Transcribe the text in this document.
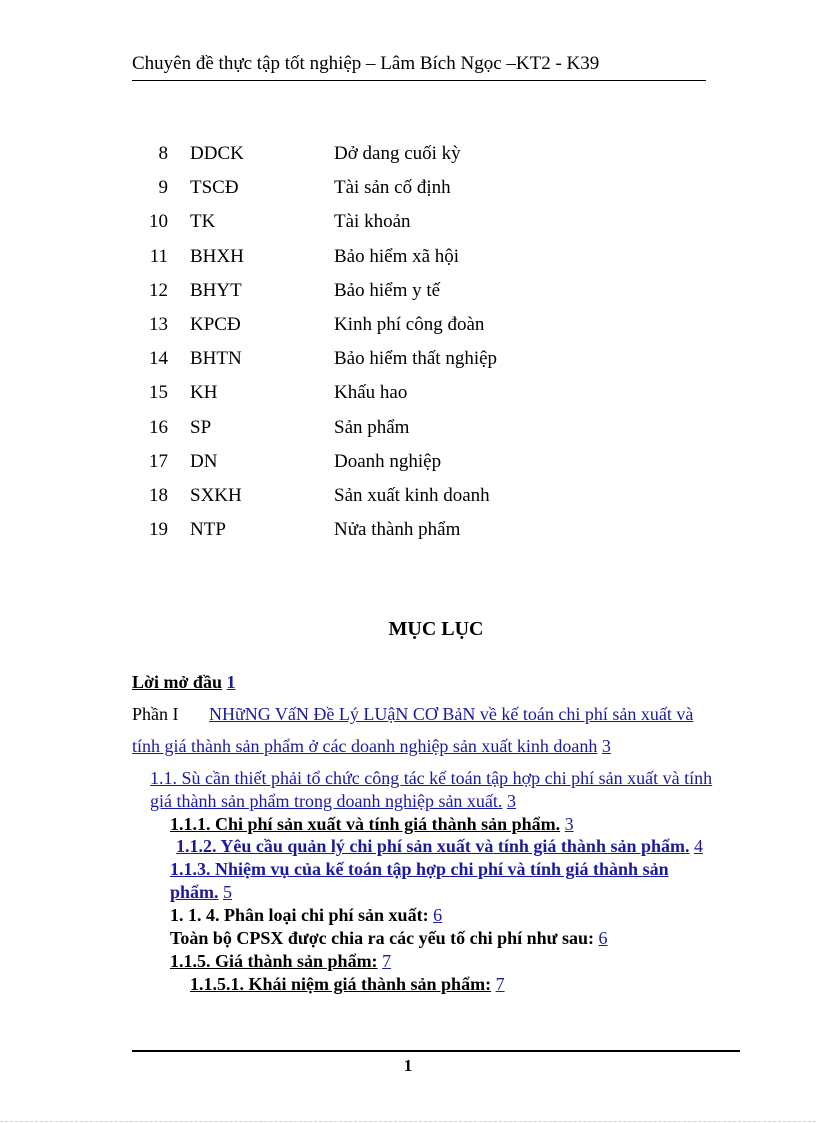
Chuyên đề thực tập tốt nghiệp – Lâm Bích Ngọc –KT2 - K39
8 DDCK	Dở dang cuối kỳ
9 TSCĐ	Tài sản cố định
10 TK	Tài khoản
11 BHXH	Bảo hiểm xã hội
12 BHYT	Bảo hiểm y tế
13 KPCĐ	Kinh phí công đoàn
14 BHTN	Bảo hiểm thất nghiệp
15 KH	Khấu hao
16 SP	Sản phẩm
17 DN	Doanh nghiệp
18 SXKH	Sản xuất kinh doanh
19 NTP	Nửa thành phẩm
MỤC LỤC
Lời mở đầu 1
Phần I NHữNG VấN Đề Lý LUậN CƠ BảN về kế toán chi phí sản xuất và
tính giá thành sản phẩm ở các doanh nghiệp sản xuất kinh doanh 3
1.1. Sù cần thiết phải tổ chức công tác kế toán tập hợp chi phí sản xuất và tính
giá thành sản phẩm trong doanh nghiệp sản xuất. 3
1.1.1. Chi phí sản xuất và tính giá thành sản phẩm. 3
1.1.2. Yêu cầu quản lý chi phí sản xuất và tính giá thành sản phẩm. 4
1.1.3. Nhiệm vụ của kế toán tập hợp chi phí và tính giá thành sản
phẩm. 5
1. 1. 4. Phân loại chi phí sản xuất: 6
Toàn bộ CPSX được chia ra các yếu tố chi phí như sau: 6
1.1.5. Giá thành sản phẩm: 7
1.1.5.1. Khái niệm giá thành sản phẩm: 7
1
